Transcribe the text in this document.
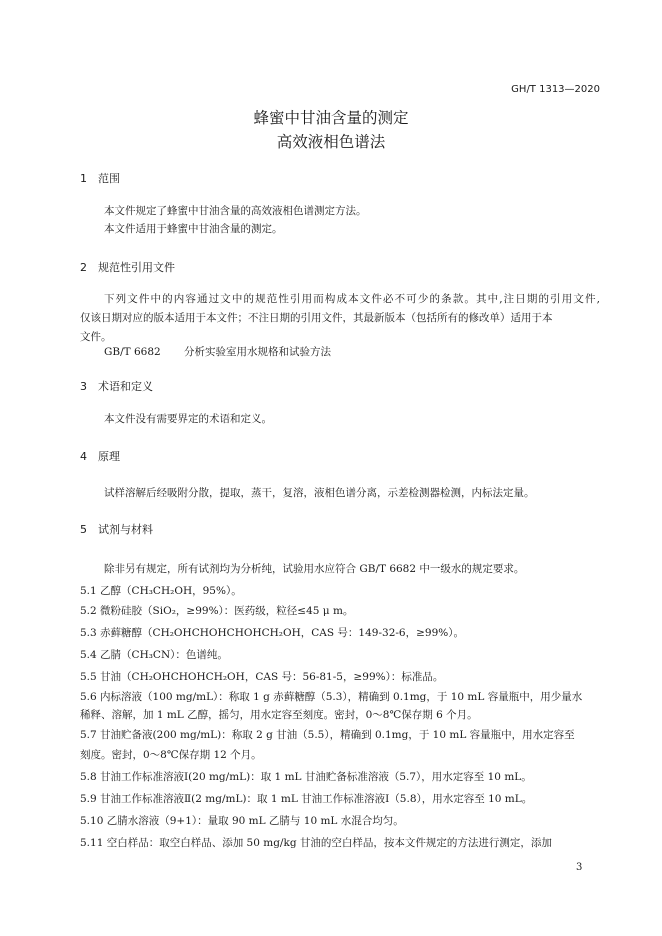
GH/T 1313—2020
蜂蜜中甘油含量的测定
高效液相色谱法
1 范围
本文件规定了蜂蜜中甘油含量的高效液相色谱测定方法。
本文件适用于蜂蜜中甘油含量的测定。
2 规范性引用文件
下列文件中的内容通过文中的规范性引用而构成本文件必不可少的条款。其中,注日期的引用文件,
仅该日期对应的版本适用于本文件；不注日期的引用文件，其最新版本（包括所有的修改单）适用于本
文件。
GB/T 6682 分析实验室用水规格和试验方法
3 术语和定义
本文件没有需要界定的术语和定义。
4 原理
试样溶解后经吸附分散，提取，蒸干，复溶，液相色谱分离，示差检测器检测，内标法定量。
5 试剂与材料
除非另有规定，所有试剂均为分析纯，试验用水应符合 GB/T 6682 中一级水的规定要求。
5.1 乙醇（CH₃CH₂OH，95%）。
5.2 微粉硅胶（SiO₂，≥99%）：医药级，粒径≤45 μ m。
5.3 赤藓糖醇（CH₂OHCHOHCHOHCH₂OH，CAS 号：149-32-6，≥99%）。
5.4 乙腈（CH₃CN）：色谱纯。
5.5 甘油（CH₂OHCHOHCH₂OH，CAS 号：56-81-5，≥99%）：标准品。
5.6 内标溶液（100 mg/mL）：称取 1 g 赤藓糖醇（5.3），精确到 0.1mg，于 10 mL 容量瓶中，用少量水
稀释、溶解，加 1 mL 乙醇，摇匀，用水定容至刻度。密封，0～8℃保存期 6 个月。
5.7 甘油贮备液(200 mg/mL)：称取 2 g 甘油（5.5），精确到 0.1mg，于 10 mL 容量瓶中，用水定容至
刻度。密封，0～8℃保存期 12 个月。
5.8 甘油工作标准溶液Ⅰ(20 mg/mL)：取 1 mL 甘油贮备标准溶液（5.7），用水定容至 10 mL。
5.9 甘油工作标准溶液Ⅱ(2 mg/mL)：取 1 mL 甘油工作标准溶液Ⅰ（5.8），用水定容至 10 mL。
5.10 乙腈水溶液（9+1）：量取 90 mL 乙腈与 10 mL 水混合均匀。
5.11 空白样品：取空白样品、添加 50 mg/kg 甘油的空白样品，按本文件规定的方法进行测定，添加
3
